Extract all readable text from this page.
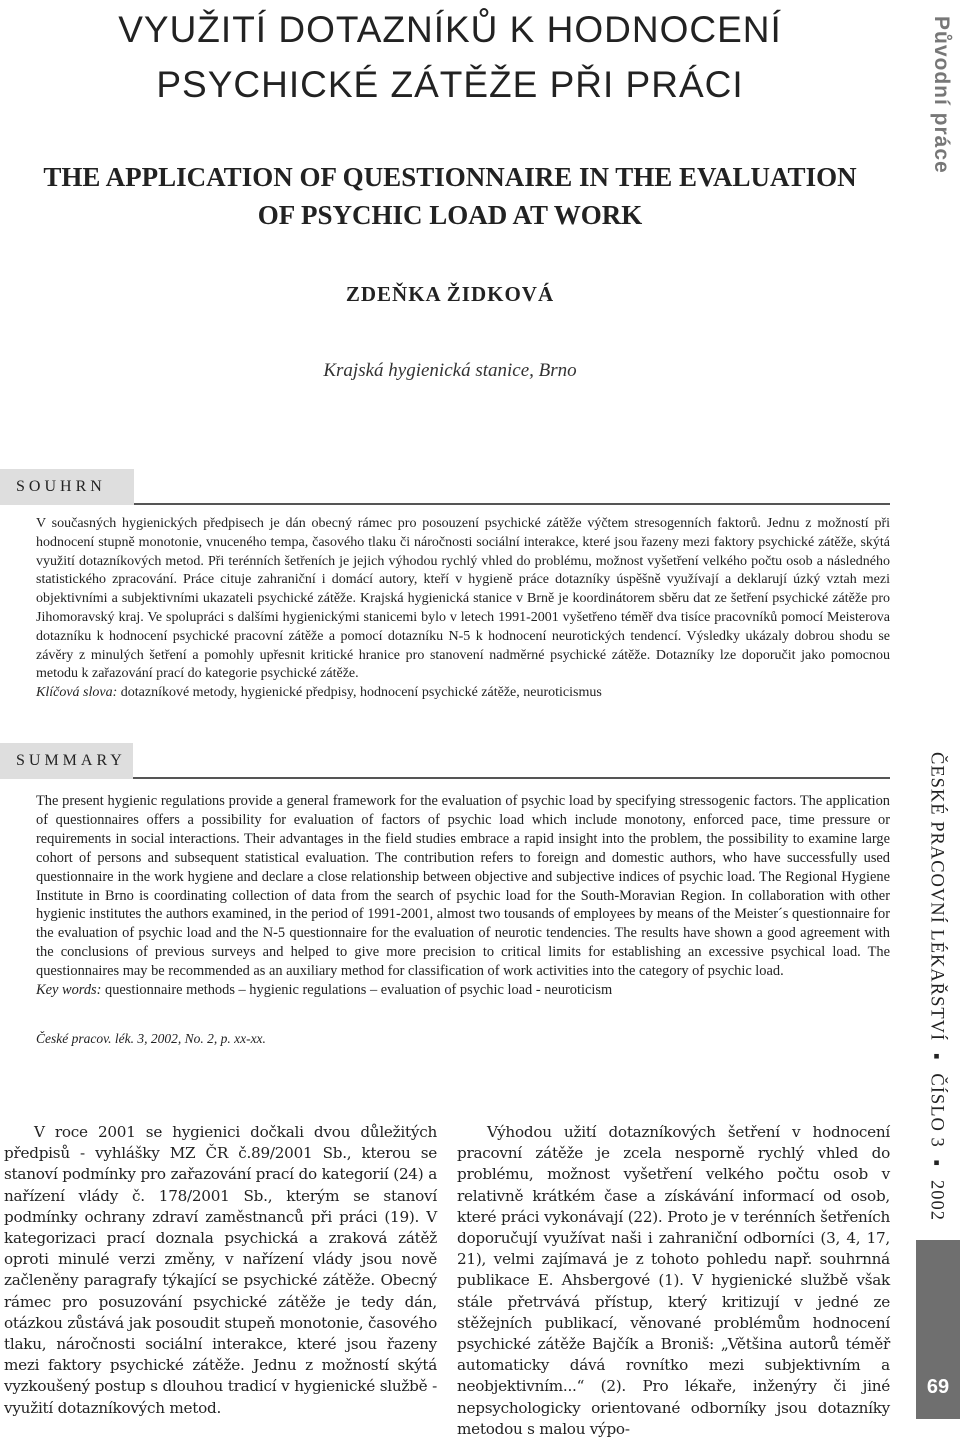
VYUŽITÍ DOTAZNÍKŮ K HODNOCENÍ PSYCHICKÉ ZÁTĚŽE PŘI PRÁCI
THE APPLICATION OF QUESTIONNAIRE IN THE EVALUATION OF PSYCHIC LOAD AT WORK
ZDEŇKA ŽIDKOVÁ
Krajská hygienická stanice, Brno
SOUHRN

V současných hygienických předpisech je dán obecný rámec pro posouzení psychické zátěže výčtem stresogenních faktorů. Jednu z možností při hodnocení stupně monotonie, vnuceného tempa, časového tlaku či náročnosti sociální interakce, které jsou řazeny mezi faktory psychické zátěže, skýtá využití dotazníkových metod. Při terénních šetřeních je jejich výhodou rychlý vhled do problému, možnost vyšetření velkého počtu osob a následného statistického zpracování. Práce cituje zahraniční i domácí autory, kteří v hygieně práce dotazníky úspěšně využívají a deklarují úzký vztah mezi objektivními a subjektivními ukazateli psychické zátěže. Krajská hygienická stanice v Brně je koordinátorem sběru dat ze šetření psychické zátěže pro Jihomoravský kraj. Ve spolupráci s dalšími hygienickými stanicemi bylo v letech 1991-2001 vyšetřeno téměř dva tisíce pracovníků pomocí Meisterova dotazníku k hodnocení psychické pracovní zátěže a pomocí dotazníku N-5 k hodnocení neurotických tendencí. Výsledky ukázaly dobrou shodu se závěry z minulých šetření a pomohly upřesnit kritické hranice pro stanovení nadměrné psychické zátěže. Dotazníky lze doporučit jako pomocnou metodu k zařazování prací do kategorie psychické zátěže.
Klíčová slova: dotazníkové metody, hygienické předpisy, hodnocení psychické zátěže, neuroticismus

SUMMARY

The present hygienic regulations provide a general framework for the evaluation of psychic load by specifying stressogenic factors. The application of questionnaires offers a possibility for evaluation of factors of psychic load which include monotony, enforced pace, time pressure or requirements in social interactions. Their advantages in the field studies embrace a rapid insight into the problem, the possibility to examine large cohort of persons and subsequent statistical evaluation. The contribution refers to foreign and domestic authors, who have successfully used questionnaire in the work hygiene and declare a close relationship between objective and subjective indices of psychic load. The Regional Hygiene Institute in Brno is coordinating collection of data from the search of psychic load for the South-Moravian Region. In collaboration with other hygienic institutes the authors examined, in the period of 1991-2001, almost two tousands of employees by means of the Meister´s questionnaire for the evaluation of psychic load and the N-5 questionnaire for the evaluation of neurotic tendencies. The results have shown a good agreement with the conclusions of previous surveys and helped to give more precision to critical limits for establishing an excessive psychical load. The questionnaires may be recommended as an auxiliary method for classification of work activities into the category of psychic load.
Key words: questionnaire methods – hygienic regulations – evaluation of psychic load - neuroticism

České pracov. lék. 3, 2002, No. 2, p. xx-xx.

V roce 2001 se hygienici dočkali dvou důležitých předpisů - vyhlášky MZ ČR č.89/2001 Sb., kterou se stanoví podmínky pro zařazování prací do kategorií (24) a nařízení vlády č. 178/2001 Sb., kterým se stanoví podmínky ochrany zdraví zaměstnanců při práci (19). V kategorizaci prací doznala psychická a zraková zátěž oproti minulé verzi změny, v nařízení vlády jsou nově začleněny paragrafy týkající se psychické zátěže. Obecný rámec pro posuzování psychické zátěže je tedy dán, otázkou zůstává jak posoudit stupeň monotonie, časového tlaku, náročnosti sociální interakce, které jsou řazeny mezi faktory psychické zátěže. Jednu z možností skýtá vyzkoušený postup s dlouhou tradicí v hygienické službě - využití dotazníkových metod.

Výhodou užití dotazníkových šetření v hodnocení pracovní zátěže je zcela nesporně rychlý vhled do problému, možnost vyšetření velkého počtu osob v relativně krátkém čase a získávání informací od osob, které práci vykonávají (22). Proto je v terénních šetřeních doporučují využívat naši i zahraniční odborníci (3, 4, 17, 21), velmi zajímavá je z tohoto pohledu např. souhrnná publikace E. Ahsbergové (1). V hygienické službě však stále přetrvává přístup, který kritizují v jedné ze stěžejních publikací, věnované problémům hodnocení psychické zátěže Bajčík a Broniš: „Většina autorů téměř automaticky dává rovnítko mezi subjektivním a neobjektivním...“ (2). Pro lékaře, inženýry či jiné nepsychologicky orientované odborníky jsou dotazníky metodou s malou výpo-

Původní práce
ČESKÉ PRACOVNÍ LÉKAŘSTVÍ ▪ ČÍSLO 3 ▪ 2002
69
